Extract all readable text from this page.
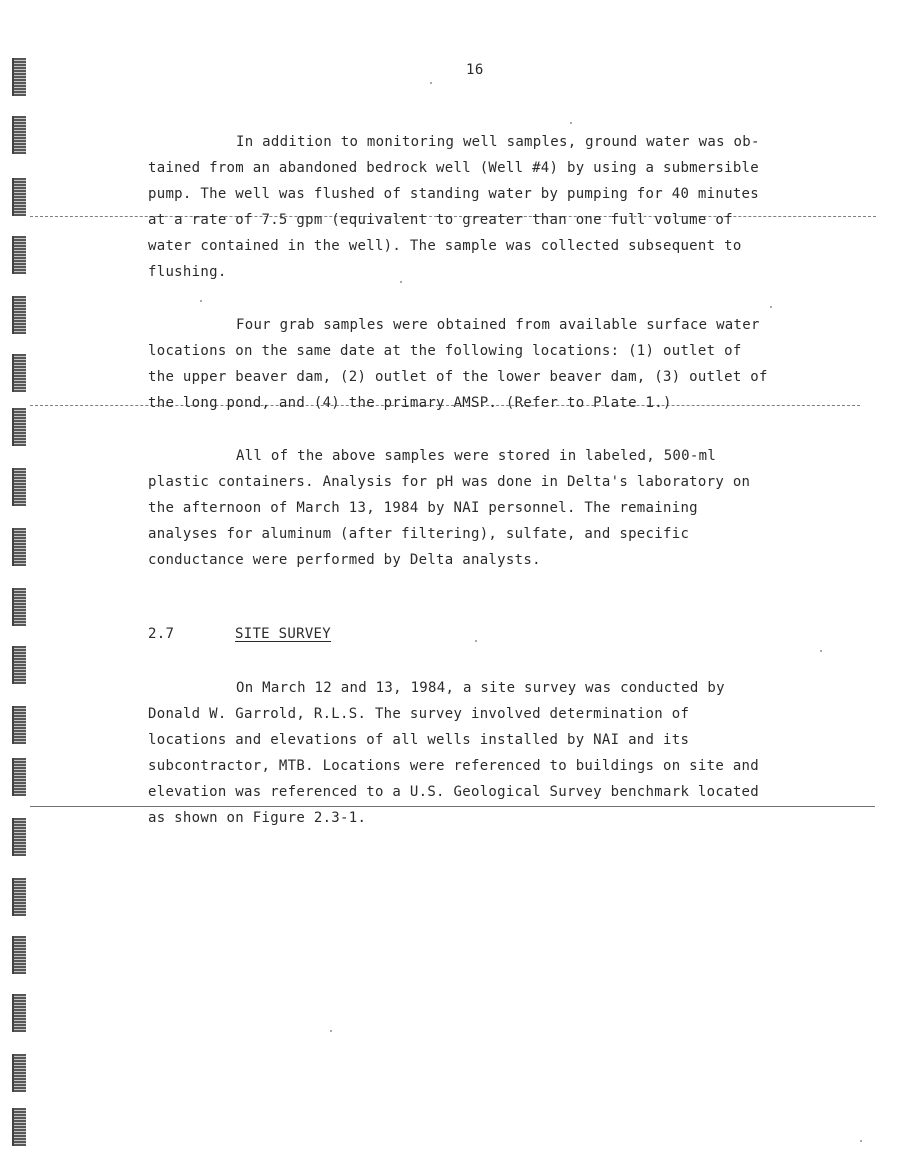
16
In addition to monitoring well samples, ground water was ob-
tained from an abandoned bedrock well (Well #4) by using a submersible
pump. The well was flushed of standing water by pumping for 40 minutes
at a rate of 7.5 gpm (equivalent to greater than one full volume of
water contained in the well). The sample was collected subsequent to
flushing.
Four grab samples were obtained from available surface water
locations on the same date at the following locations: (1) outlet of
the upper beaver dam, (2) outlet of the lower beaver dam, (3) outlet of
the long pond, and (4) the primary AMSP. (Refer to Plate 1.)
All of the above samples were stored in labeled, 500-ml
plastic containers. Analysis for pH was done in Delta's laboratory on
the afternoon of March 13, 1984 by NAI personnel. The remaining
analyses for aluminum (after filtering), sulfate, and specific
conductance were performed by Delta analysts.
2.7	SITE SURVEY
On March 12 and 13, 1984, a site survey was conducted by
Donald W. Garrold, R.L.S. The survey involved determination of
locations and elevations of all wells installed by NAI and its
subcontractor, MTB. Locations were referenced to buildings on site and
elevation was referenced to a U.S. Geological Survey benchmark located
as shown on Figure 2.3-1.
